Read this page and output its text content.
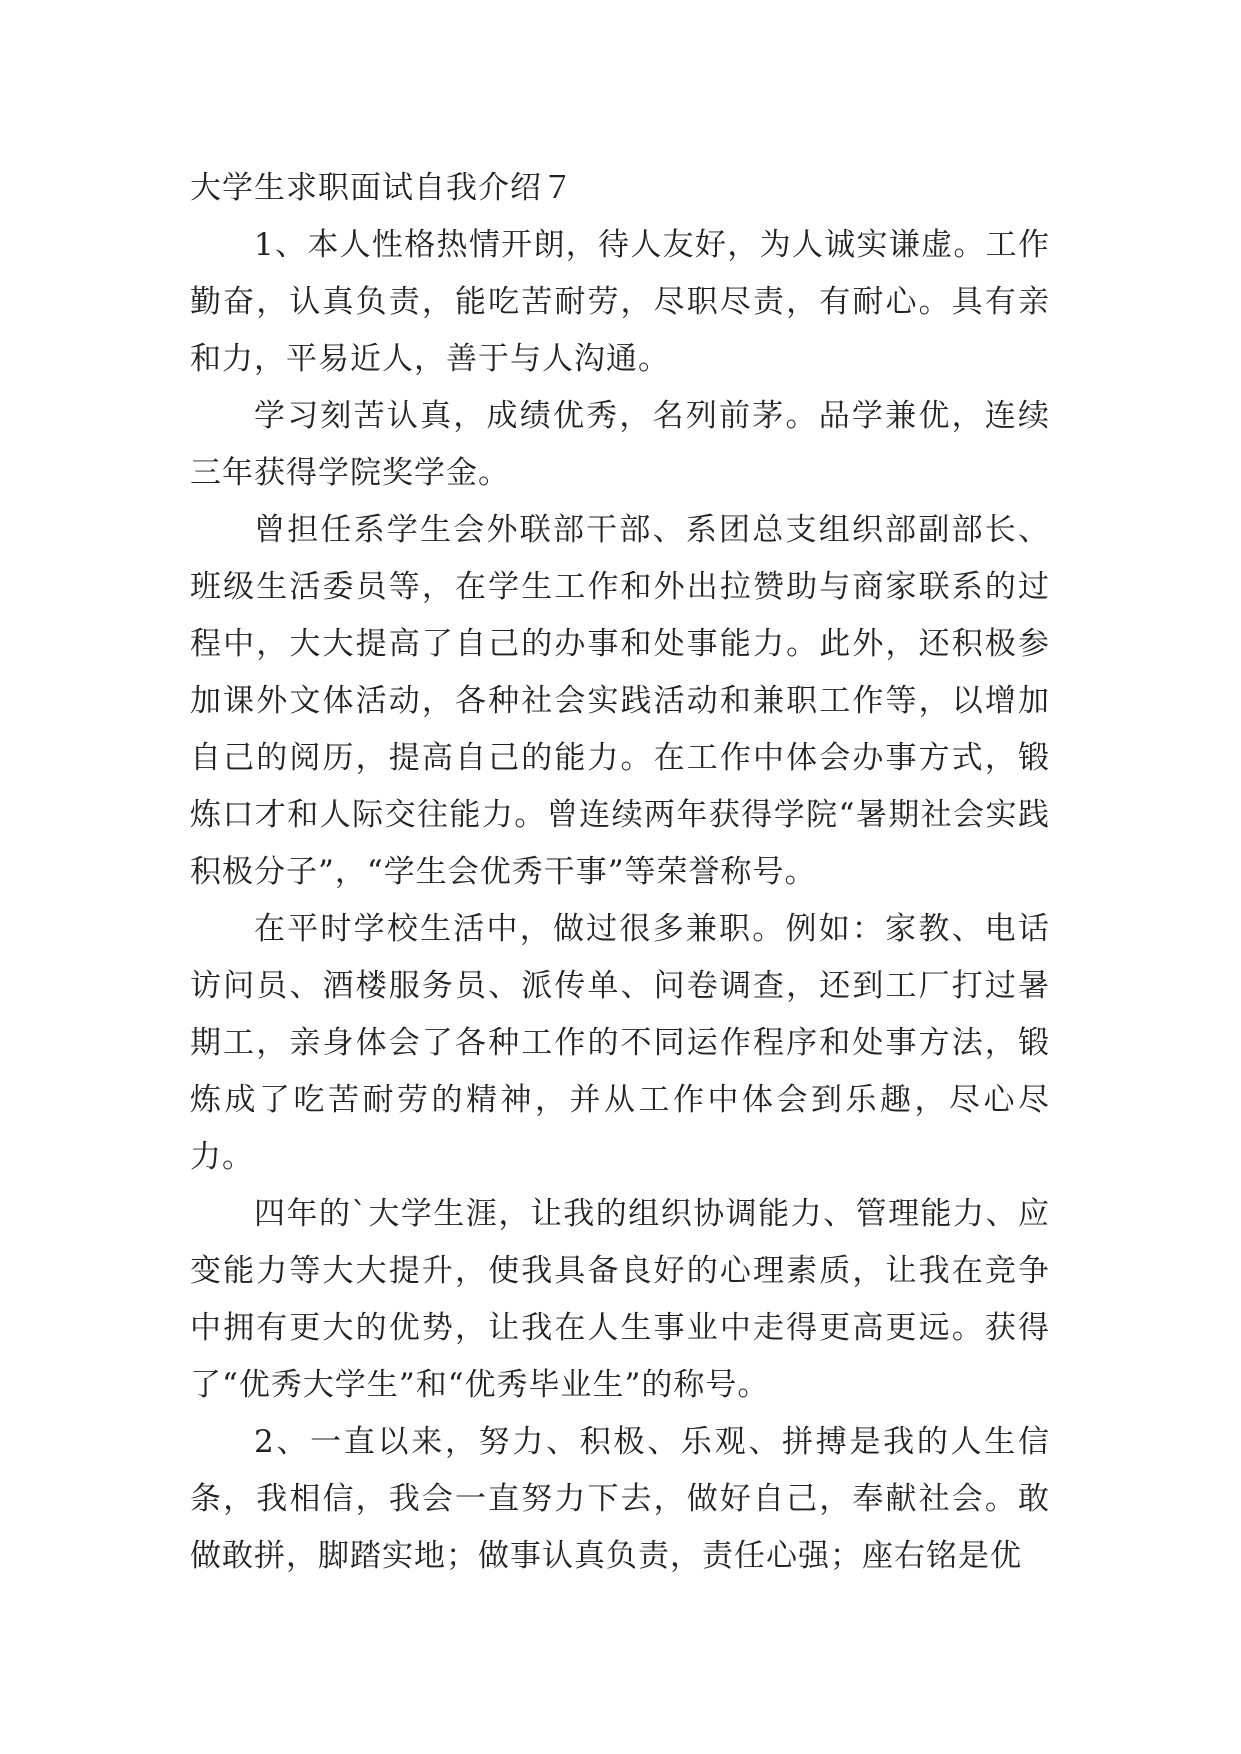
大学生求职面试自我介绍７

1、本人性格热情开朗，待人友好，为人诚实谦虚。工作勤奋，认真负责，能吃苦耐劳，尽职尽责，有耐心。具有亲和力，平易近人，善于与人沟通。

学习刻苦认真，成绩优秀，名列前茅。品学兼优，连续三年获得学院奖学金。

曾担任系学生会外联部干部、系团总支组织部副部长、班级生活委员等，在学生工作和外出拉赞助与商家联系的过程中，大大提高了自己的办事和处事能力。此外，还积极参加课外文体活动，各种社会实践活动和兼职工作等，以增加自己的阅历，提高自己的能力。在工作中体会办事方式，锻炼口才和人际交往能力。曾连续两年获得学院“暑期社会实践积极分子”，“学生会优秀干事”等荣誉称号。

在平时学校生活中，做过很多兼职。例如：家教、电话访问员、酒楼服务员、派传单、问卷调查，还到工厂打过暑期工，亲身体会了各种工作的不同运作程序和处事方法，锻炼成了吃苦耐劳的精神，并从工作中体会到乐趣，尽心尽力。

四年的`大学生涯，让我的组织协调能力、管理能力、应变能力等大大提升，使我具备良好的心理素质，让我在竞争中拥有更大的优势，让我在人生事业中走得更高更远。获得了“优秀大学生”和“优秀毕业生”的称号。

2、一直以来，努力、积极、乐观、拼搏是我的人生信条，我相信，我会一直努力下去，做好自己，奉献社会。敢做敢拼，脚踏实地；做事认真负责，责任心强；座右铭是优
